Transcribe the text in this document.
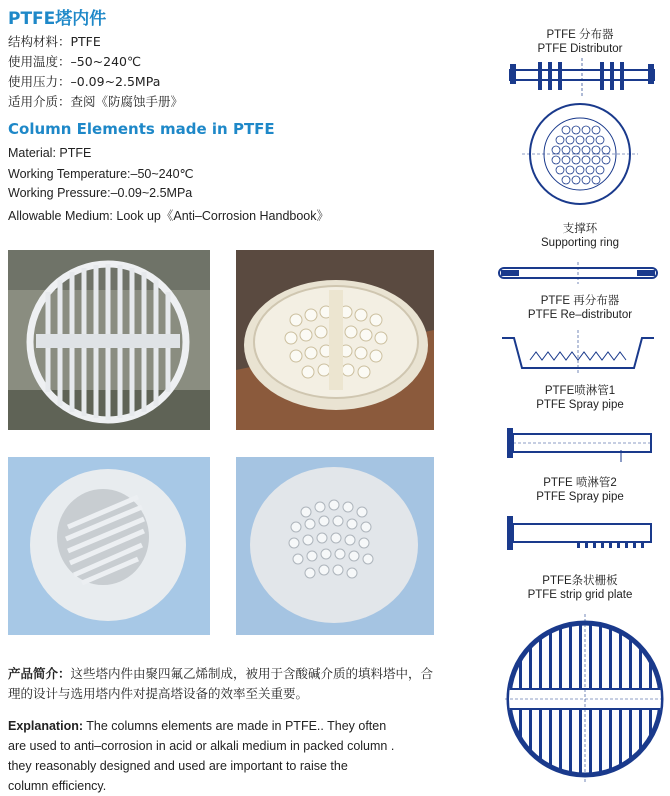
PTFE塔内件
结构材料：PTFE
使用温度：–50~240℃
使用压力：–0.09~2.5MPa
适用介质：查阅《防腐蚀手册》
Column Elements made in PTFE
Material: PTFE
Working Temperature:–50~240℃
Working Pressure:–0.09~2.5MPa
Allowable Medium: Look up《Anti–Corrosion Handbook》
PTFE 分布器
PTFE Distributor
支撑环
Supporting ring
PTFE 再分布器
PTFE Re–distributor
PTFE喷淋管1
PTFE Spray pipe
PTFE 喷淋管2
PTFE Spray pipe
PTFE条状栅板
PTFE strip grid plate
产品简介：这些塔内件由聚四氟乙烯制成，被用于含酸碱介质的填料塔中，合
理的设计与选用塔内件对提高塔设备的效率至关重要。
Explanation: The columns elements are made in PTFE.. They often
are used to anti–corrosion in acid or alkali medium in packed column .
they reasonably designed and used are important to raise the
column efficiency.
